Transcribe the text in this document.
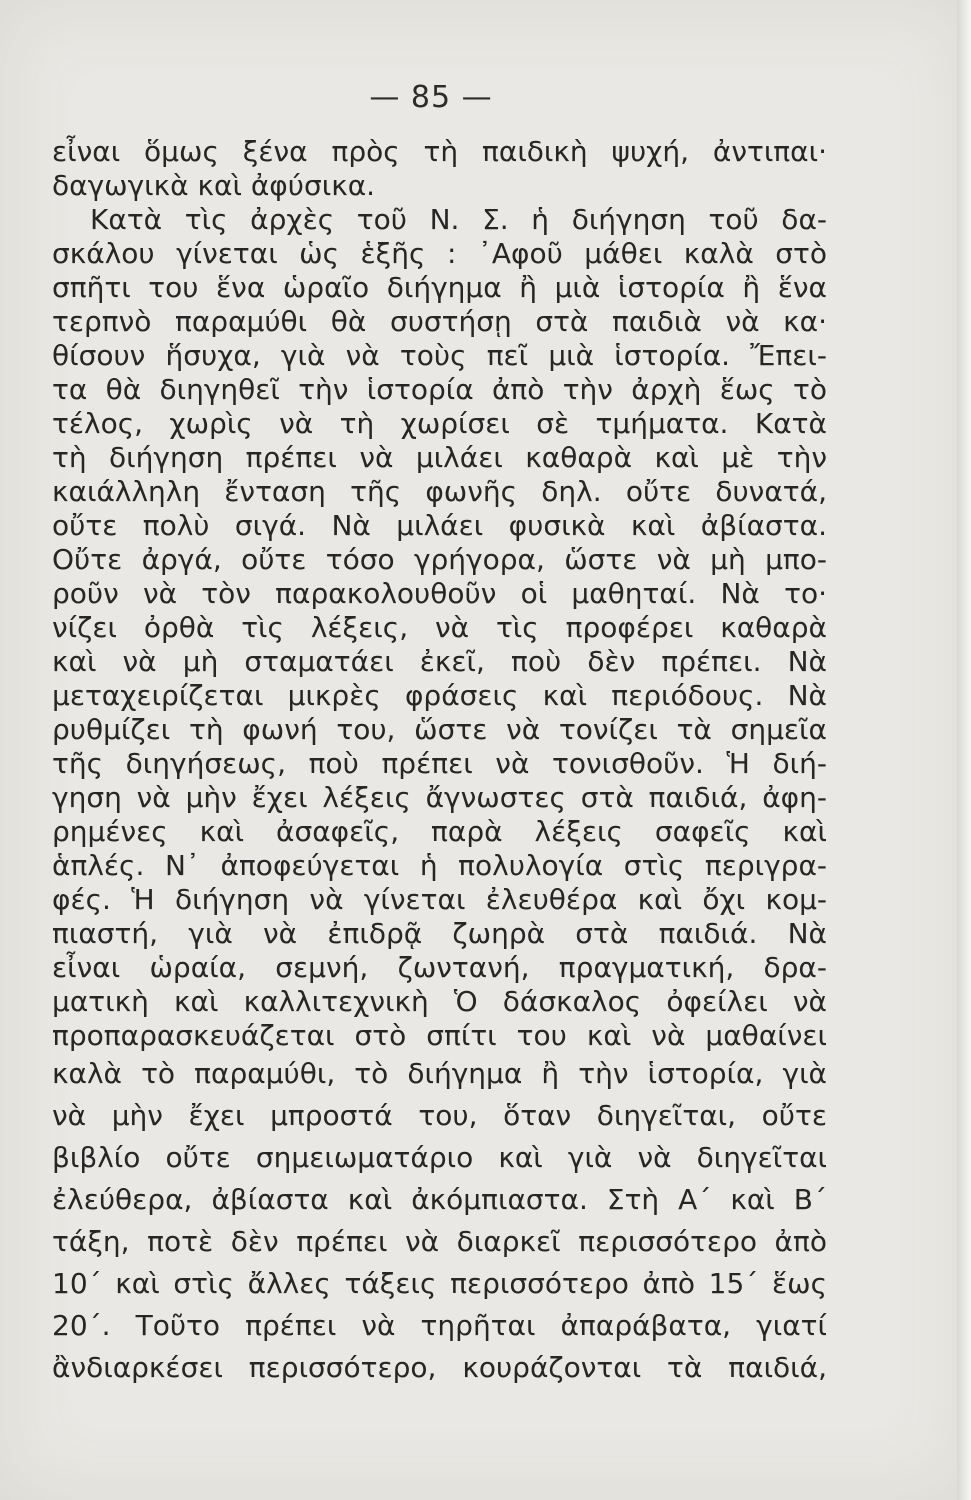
— 85 —
εἶναι ὅμως ξένα πρὸς τὴ παιδικὴ ψυχή, ἀντιπαι·
δαγωγικὰ καὶ ἀφύσικα.
Κατὰ τὶς ἀρχὲς τοῦ Ν. Σ. ἡ διήγηση τοῦ δα-
σκάλου γίνεται ὡς ἑξῆς : ᾿Αφοῦ μάθει καλὰ στὸ
σπῆτι του ἕνα ὡραῖο διήγημα ἢ μιὰ ἱστορία ἢ ἕνα
τερπνὸ παραμύθι θὰ συστήσῃ στὰ παιδιὰ νὰ κα·
θίσουν ἥσυχα, γιὰ νὰ τοὺς πεῖ μιὰ ἱστορία. Ἔπει-
τα θὰ διηγηθεῖ τὴν ἱστορία ἀπὸ τὴν ἀρχὴ ἕως τὸ
τέλος, χωρὶς νὰ τὴ χωρίσει σὲ τμήματα. Κατὰ
τὴ διήγηση πρέπει νὰ μιλάει καθαρὰ καὶ μὲ τὴν
καιάλληλη ἔνταση τῆς φωνῆς δηλ. οὔτε δυνατά,
οὔτε πολὺ σιγά. Νὰ μιλάει φυσικὰ καὶ ἀβίαστα.
Οὔτε ἀργά, οὔτε τόσο γρήγορα, ὥστε νὰ μὴ μπο-
ροῦν νὰ τὸν παρακολουθοῦν οἱ μαθηταί. Νὰ το·
νίζει ὀρθὰ τὶς λέξεις, νὰ τὶς προφέρει καθαρὰ
καὶ νὰ μὴ σταματάει ἐκεῖ, ποὺ δὲν πρέπει. Νὰ
μεταχειρίζεται μικρὲς φράσεις καὶ περιόδους. Νὰ
ρυθμίζει τὴ φωνή του, ὥστε νὰ τονίζει τὰ σημεῖα
τῆς διηγήσεως, ποὺ πρέπει νὰ τονισθοῦν. Ἡ διή-
γηση νὰ μὴν ἔχει λέξεις ἄγνωστες στὰ παιδιά, ἀφη-
ρημένες καὶ ἀσαφεῖς, παρὰ λέξεις σαφεῖς καὶ
ἁπλές. Ν᾿ ἀποφεύγεται ἡ πολυλογία στὶς περιγρα-
φές. Ἡ διήγηση νὰ γίνεται ἐλευθέρα καὶ ὄχι κομ-
πιαστή, γιὰ νὰ ἐπιδρᾷ ζωηρὰ στὰ παιδιά. Νὰ
εἶναι ὡραία, σεμνή, ζωντανή, πραγματική, δρα-
ματικὴ καὶ καλλιτεχνικὴ Ὁ δάσκαλος ὀφείλει νὰ
προπαρασκευάζεται στὸ σπίτι του καὶ νὰ μαθαίνει
καλὰ τὸ παραμύθι, τὸ διήγημα ἢ τὴν ἱστορία, γιὰ
νὰ μὴν ἔχει μπροστά του, ὅταν διηγεῖται, οὔτε
βιβλίο οὔτε σημειωματάριο καὶ γιὰ νὰ διηγεῖται
ἐλεύθερα, ἀβίαστα καὶ ἀκόμπιαστα. Στὴ Α΄ καὶ Β΄
τάξη, ποτὲ δὲν πρέπει νὰ διαρκεῖ περισσότερο ἀπὸ
10΄ καὶ στὶς ἄλλες τάξεις περισσότερο ἀπὸ 15΄ ἕως
20΄. Τοῦτο πρέπει νὰ τηρῆται ἀπαράβατα, γιατί
ἂνδιαρκέσει περισσότερο, κουράζονται τὰ παιδιά,
